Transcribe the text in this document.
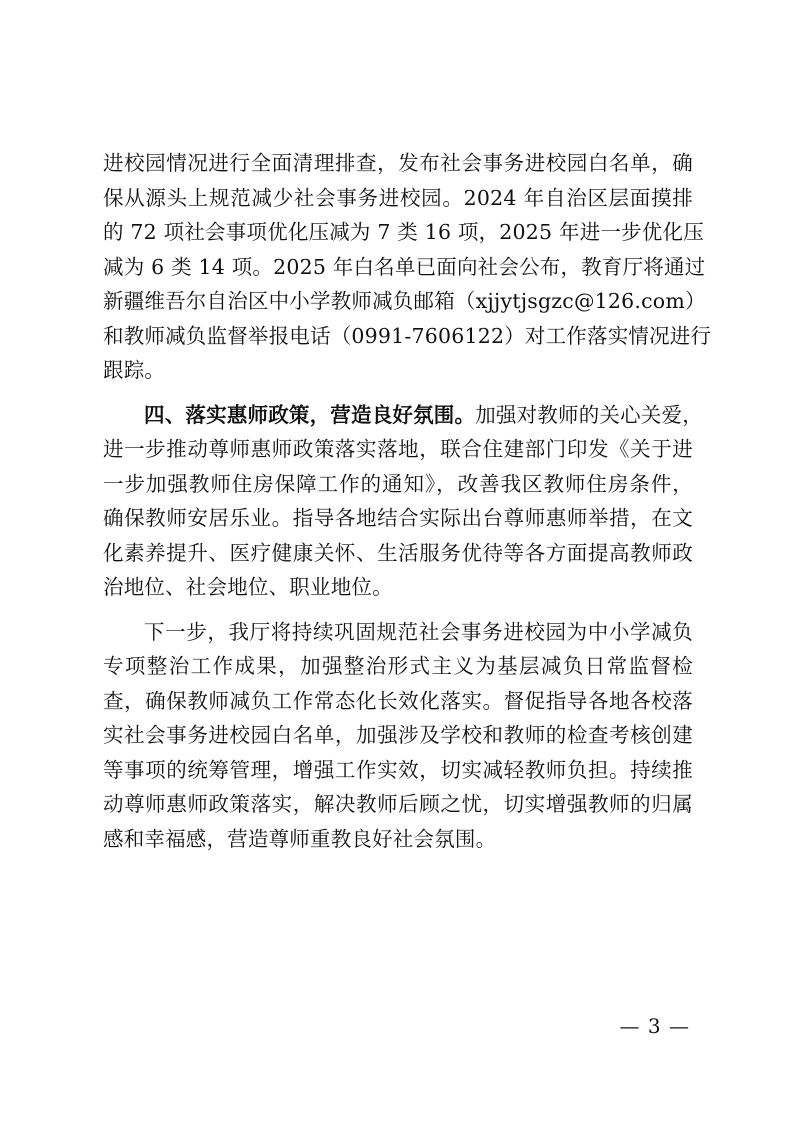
进校园情况进行全面清理排查，发布社会事务进校园白名单，确
保从源头上规范减少社会事务进校园。2024 年自治区层面摸排
的 72 项社会事项优化压减为 7 类 16 项，2025 年进一步优化压
减为 6 类 14 项。2025 年白名单已面向社会公布，教育厅将通过
新疆维吾尔自治区中小学教师减负邮箱（xjjytjsgzc@126.com）
和教师减负监督举报电话（0991-7606122）对工作落实情况进行
跟踪。
四、落实惠师政策，营造良好氛围。加强对教师的关心关爱，
进一步推动尊师惠师政策落实落地，联合住建部门印发《关于进
一步加强教师住房保障工作的通知》，改善我区教师住房条件，
确保教师安居乐业。指导各地结合实际出台尊师惠师举措，在文
化素养提升、医疗健康关怀、生活服务优待等各方面提高教师政
治地位、社会地位、职业地位。
下一步，我厅将持续巩固规范社会事务进校园为中小学减负
专项整治工作成果，加强整治形式主义为基层减负日常监督检
查，确保教师减负工作常态化长效化落实。督促指导各地各校落
实社会事务进校园白名单，加强涉及学校和教师的检查考核创建
等事项的统筹管理，增强工作实效，切实减轻教师负担。持续推
动尊师惠师政策落实，解决教师后顾之忧，切实增强教师的归属
感和幸福感，营造尊师重教良好社会氛围。
— 3 —
